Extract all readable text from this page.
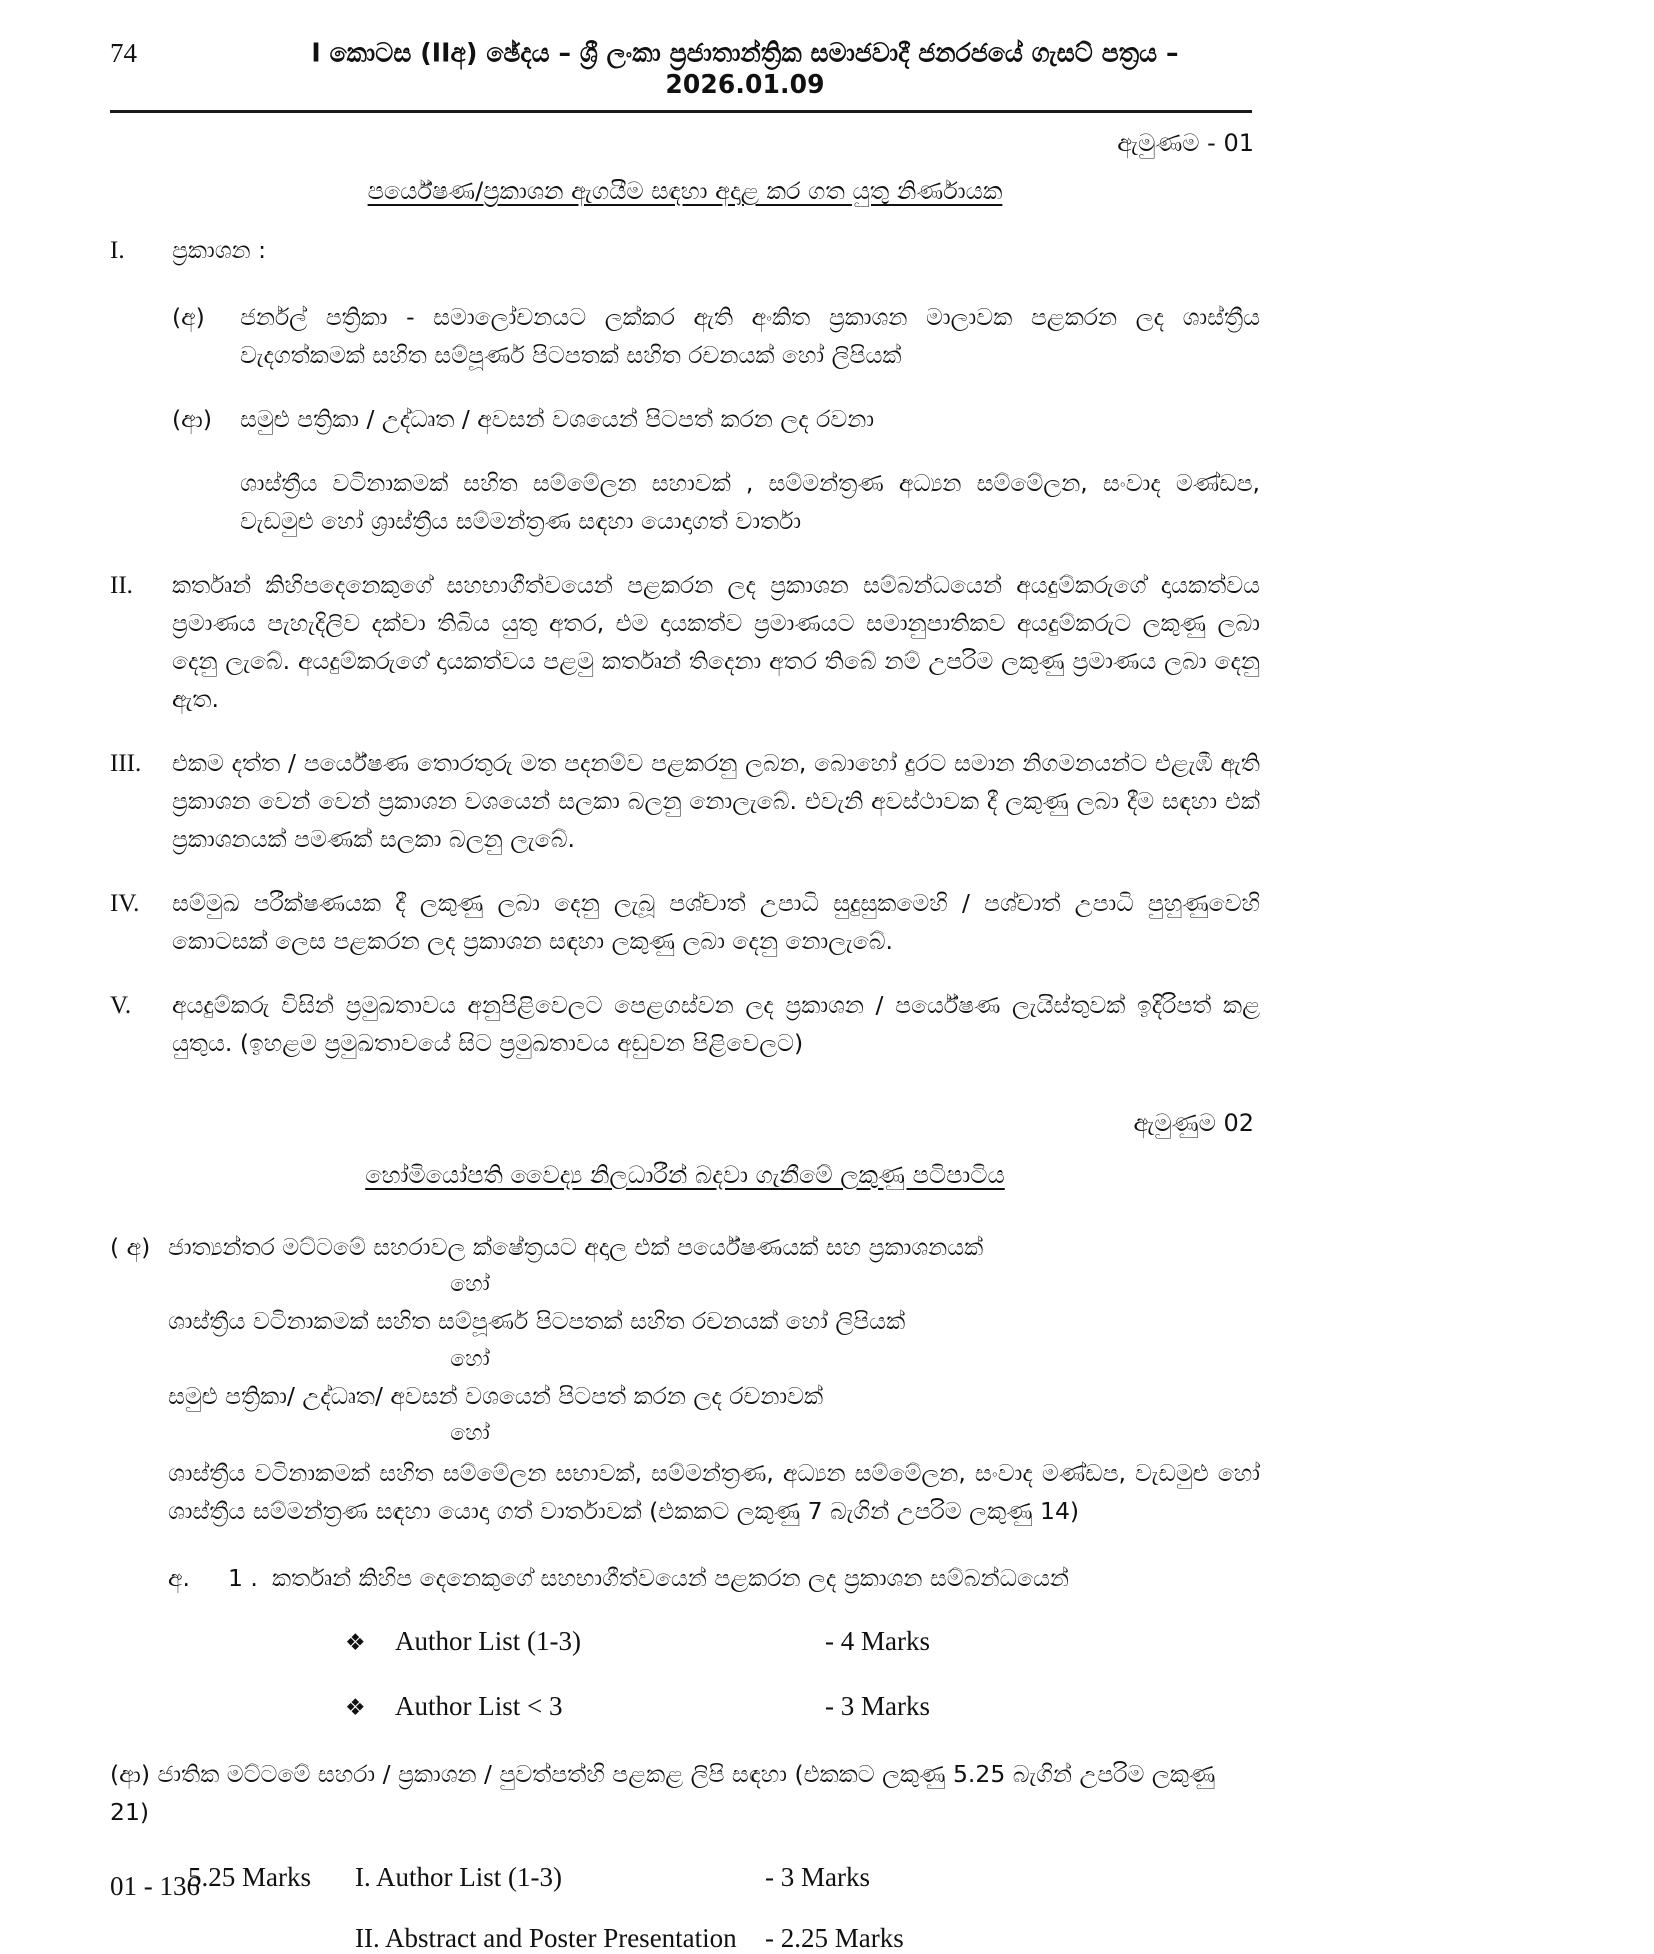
74	I කොටස (IIඅ) ඡේදය – ශ්‍රී ලංකා ප්‍රජාතාන්ත්‍රික සමාජවාදී ජනරජයේ ගැසට් පත්‍රය – 2026.01.09
ඇමුණම - 01
පර්යේෂණ/ප්‍රකාශන ඇගයීම සඳහා අදාළ කර ගත යුතු නිර්ණායක
I.	ප්‍රකාශන :
(අ)	ජර්නල් පත්‍රිකා - සමාලෝචනයට ලක්කර ඇති අංකිත ප්‍රකාශන මාලාවක පළකරන ලද ශාස්ත්‍රීය වැදගත්කමක් සහිත සම්පූර්ණ පිටපතක් සහිත රචනයක් හෝ ලිපියක්
(ආ)	සමුළු පත්‍රිකා / උද්ධෘත / අවසන් වශයෙන් පිටපත් කරන ලද රවනා
ශාස්ත්‍රීය වටිනාකමක් සහිත සම්මේලන සහාවක් , සම්මන්ත්‍රණ අධ්‍යන සම්මේලන, සංවාද මණ්ඩප, වැඩමුළු හෝ ශ්‍රාස්ත්‍රීය සම්මන්ත්‍රණ සඳහා යොදාගත් වාර්තා
II.	කර්තෘන් කිහිපදෙනෙකුගේ සහභාගීත්වයෙන් පළකරන ලද ප්‍රකාශන සම්බන්ධයෙන් අයදුම්කරුගේ දායකත්වය ප්‍රමාණය පැහැදිලිව දක්වා තිබිය යුතු අතර, එම දායකත්ව ප්‍රමාණයට සමානුපාතිකව අයදුම්කරුට ලකුණු ලබා දෙනු ලැබේ. අයදුම්කරුගේ දායකත්වය පළමු කර්තෘන් තිදෙනා අතර තිබේ නම් උපරිම ලකුණු ප්‍රමාණය ලබා දෙනු ඇත.
III.	එකම දත්ත / පර්යේෂණ තොරතුරු මත පදනම්ව පළකරනු ලබන, බොහෝ දුරට සමාන නිගමනයන්ට එළැඹී ඇති ප්‍රකාශන වෙන් වෙන් ප්‍රකාශන වශයෙන් සලකා බලනු නොලැබේ. එවැනි අවස්ථාවක දී ලකුණු ලබා දීම සඳහා එක් ප්‍රකාශනයක් පමණක් සලකා බලනු ලැබේ.
IV.	සම්මුඛ පරීක්ෂණයක දී ලකුණු ලබා දෙනු ලැබූ පශ්චාත් උපාධි සුදුසුකමෙහි / පශ්චාත් උපාධි පුහුණුවෙහි කොටසක් ලෙස පළකරන ලද ප්‍රකාශන සඳහා ලකුණු ලබා දෙනු නොලැබේ.
V.	අයදුම්කරු විසින් ප්‍රමුඛතාවය අනුපිළිවෙලට පෙළගස්වන ලද ප්‍රකාශන / පර්යේෂණ ලැයිස්තුවක් ඉදිරිපත් කළ යුතුය. (ඉහළම ප්‍රමුඛතාවයේ සිට ප්‍රමුඛතාවය අඩුවන පිළිවෙලට)
ඇමුණුම 02
හෝමියෝපති වෛද්‍ය නිලධාරීන් බදවා ගැනීමේ ලකුණු පටිපාටිය
( අ) ජාත්‍යන්තර මට්ටමේ සහරාවල ක්ෂේත්‍රයට අදාල එක් පර්යේෂණයක් සහ ප්‍රකාශනයක්
හෝ
ශාස්ත්‍රීය වටිනාකමක් සහිත සම්පූර්ණ පිටපතක් සහිත රචනයක් හෝ ලිපියක්
හෝ
සමුළු පත්‍රිකා/ උද්ධෘත/ අවසන් වශයෙන් පිටපත් කරන ලද රචනාවක්
හෝ
ශාස්ත්‍රීය වටිනාකමක් සහිත සම්මේලන සභාවක්, සම්මන්ත්‍රණ, අධ්‍යන සම්මේලන, සංවාද මණ්ඩප, වැඩමුළු හෝ ශාස්ත්‍රීය සම්මන්ත්‍රණ සඳහා යොදා ගත් වාර්තාවක් (එකකට ලකුණු 7 බැගින් උපරිම ලකුණු 14)
අ.	1 . කර්තෘන් කිහිප දෙනෙකුගේ සහභාගීත්වයෙන් පළකරන ලද ප්‍රකාශන සම්බන්ධයෙන්
❖	Author List (1-3)	- 4 Marks
❖	Author List < 3	- 3 Marks
(ආ) ජාතික මට්ටමේ සහරා / ප්‍රකාශන / පුවත්පත්හි පළකළ ලිපි සඳහා (එකකට ලකුණු 5.25 බැගින් උපරිම ලකුණු 21)
5.25 Marks	I. Author List (1-3)	- 3 Marks
II. Abstract and Poster Presentation	- 2.25 Marks
01 - 136
